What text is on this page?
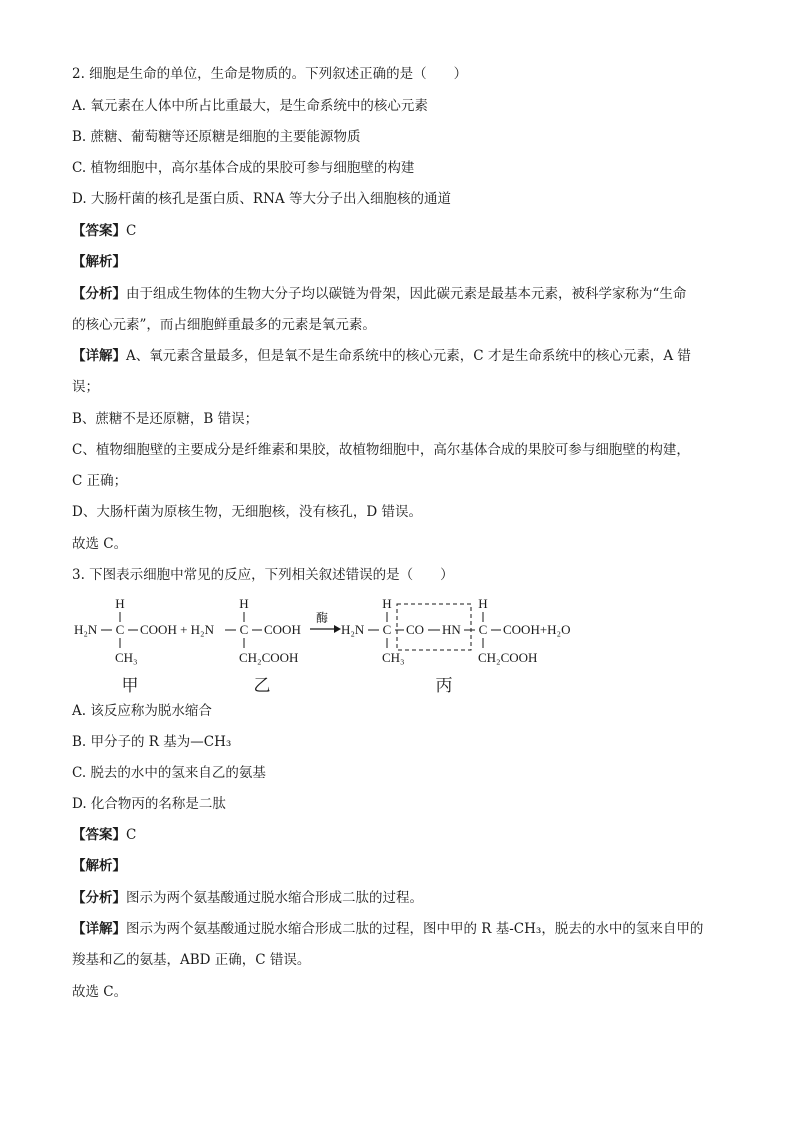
2. 细胞是生命的单位，生命是物质的。下列叙述正确的是（　　）
A. 氧元素在人体中所占比重最大，是生命系统中的核心元素
B. 蔗糖、葡萄糖等还原糖是细胞的主要能源物质
C. 植物细胞中，高尔基体合成的果胶可参与细胞壁的构建
D. 大肠杆菌的核孔是蛋白质、RNA 等大分子出入细胞核的通道
【答案】C
【解析】
【分析】由于组成生物体的生物大分子均以碳链为骨架，因此碳元素是最基本元素，被科学家称为“生命
的核心元素”，而占细胞鲜重最多的元素是氧元素。
【详解】A、氧元素含量最多，但是氧不是生命系统中的核心元素，C 才是生命系统中的核心元素，A 错
误；
B、蔗糖不是还原糖，B 错误；
C、植物细胞壁的主要成分是纤维素和果胶，故植物细胞中，高尔基体合成的果胶可参与细胞壁的构建，
C 正确；
D、大肠杆菌为原核生物，无细胞核，没有核孔，D 错误。
故选 C。
3. 下图表示细胞中常见的反应，下列相关叙述错误的是（　　）
H
H₂N C COOH + H₂N
CH₃
H
C COOH
CH₂COOH
酶
H₂N
H
C
CH₃
CO HN
H
C COOH+H₂O
CH₂COOH
甲	乙	丙
A. 该反应称为脱水缩合
B. 甲分子的 R 基为—CH₃
C. 脱去的水中的氢来自乙的氨基
D. 化合物丙的名称是二肽
【答案】C
【解析】
【分析】图示为两个氨基酸通过脱水缩合形成二肽的过程。
【详解】图示为两个氨基酸通过脱水缩合形成二肽的过程，图中甲的 R 基-CH₃，脱去的水中的氢来自甲的
羧基和乙的氨基，ABD 正确，C 错误。
故选 C。
